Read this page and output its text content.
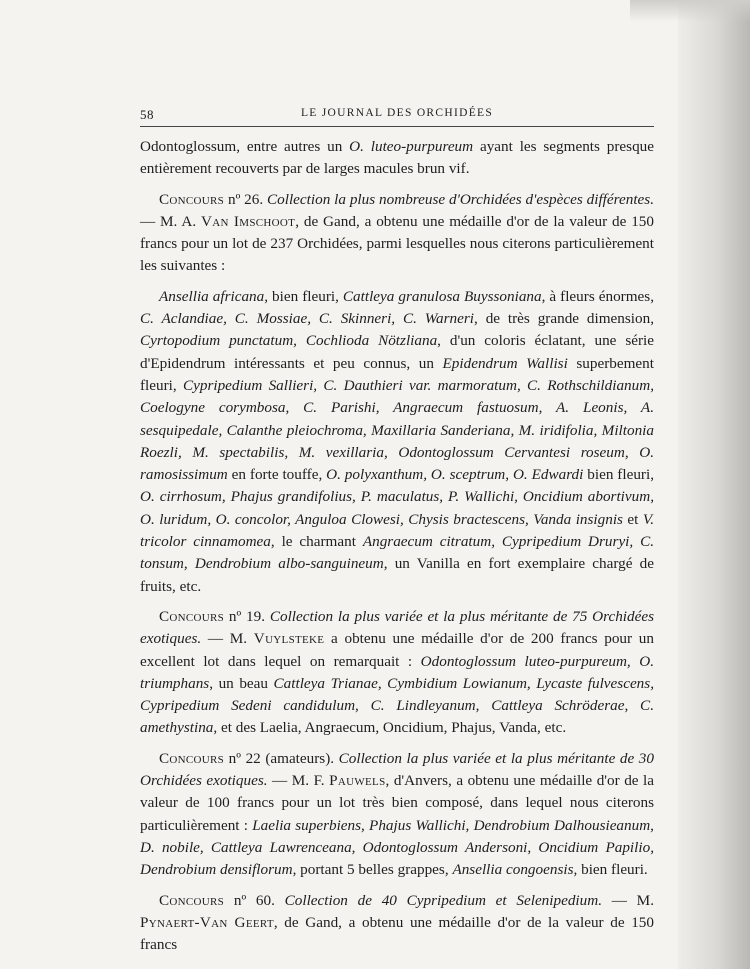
58	LE JOURNAL DES ORCHIDÉES

Odontoglossum, entre autres un O. luteo-purpureum ayant les segments presque entièrement recouverts par de larges macules brun vif.

Concours nº 26. Collection la plus nombreuse d'Orchidées d'espèces différentes. — M. A. Van Imschoot, de Gand, a obtenu une médaille d'or de la valeur de 150 francs pour un lot de 237 Orchidées, parmi lesquelles nous citerons particulièrement les suivantes :

Ansellia africana, bien fleuri, Cattleya granulosa Buyssoniana, à fleurs énormes, C. Aclandiae, C. Mossiae, C. Skinneri, C. Warneri, de très grande dimension, Cyrtopodium punctatum, Cochlioda Nötzliana, d'un coloris éclatant, une série d'Epidendrum intéressants et peu connus, un Epidendrum Wallisi superbement fleuri, Cypripedium Sallieri, C. Dauthieri var. marmoratum, C. Rothschildianum, Coelogyne corymbosa, C. Parishi, Angraecum fastuosum, A. Leonis, A. sesquipedale, Calanthe pleiochroma, Maxillaria Sanderiana, M. iridifolia, Miltonia Roezli, M. spectabilis, M. vexillaria, Odontoglossum Cervantesi roseum, O. ramosissimum en forte touffe, O. polyxanthum, O. sceptrum, O. Edwardi bien fleuri, O. cirrhosum, Phajus grandifolius, P. maculatus, P. Wallichi, Oncidium abortivum, O. luridum, O. concolor, Anguloa Clowesi, Chysis bractescens, Vanda insignis et V. tricolor cinnamomea, le charmant Angraecum citratum, Cypripedium Druryi, C. tonsum, Dendrobium albo-sanguineum, un Vanilla en fort exemplaire chargé de fruits, etc.

Concours nº 19. Collection la plus variée et la plus méritante de 75 Orchidées exotiques. — M. Vuylsteke a obtenu une médaille d'or de 200 francs pour un excellent lot dans lequel on remarquait : Odontoglossum luteo-purpureum, O. triumphans, un beau Cattleya Trianae, Cymbidium Lowianum, Lycaste fulvescens, Cypripedium Sedeni candidulum, C. Lindleyanum, Cattleya Schröderae, C. amethystina, et des Laelia, Angraecum, Oncidium, Phajus, Vanda, etc.

Concours nº 22 (amateurs). Collection la plus variée et la plus méritante de 30 Orchidées exotiques. — M. F. Pauwels, d'Anvers, a obtenu une médaille d'or de la valeur de 100 francs pour un lot très bien composé, dans lequel nous citerons particulièrement : Laelia superbiens, Phajus Wallichi, Dendrobium Dalhousieanum, D. nobile, Cattleya Lawrenceana, Odontoglossum Andersoni, Oncidium Papilio, Dendrobium densiflorum, portant 5 belles grappes, Ansellia congoensis, bien fleuri.

Concours nº 60. Collection de 40 Cypripedium et Selenipedium. — M. Pynaert-Van Geert, de Gand, a obtenu une médaille d'or de la valeur de 150 francs
